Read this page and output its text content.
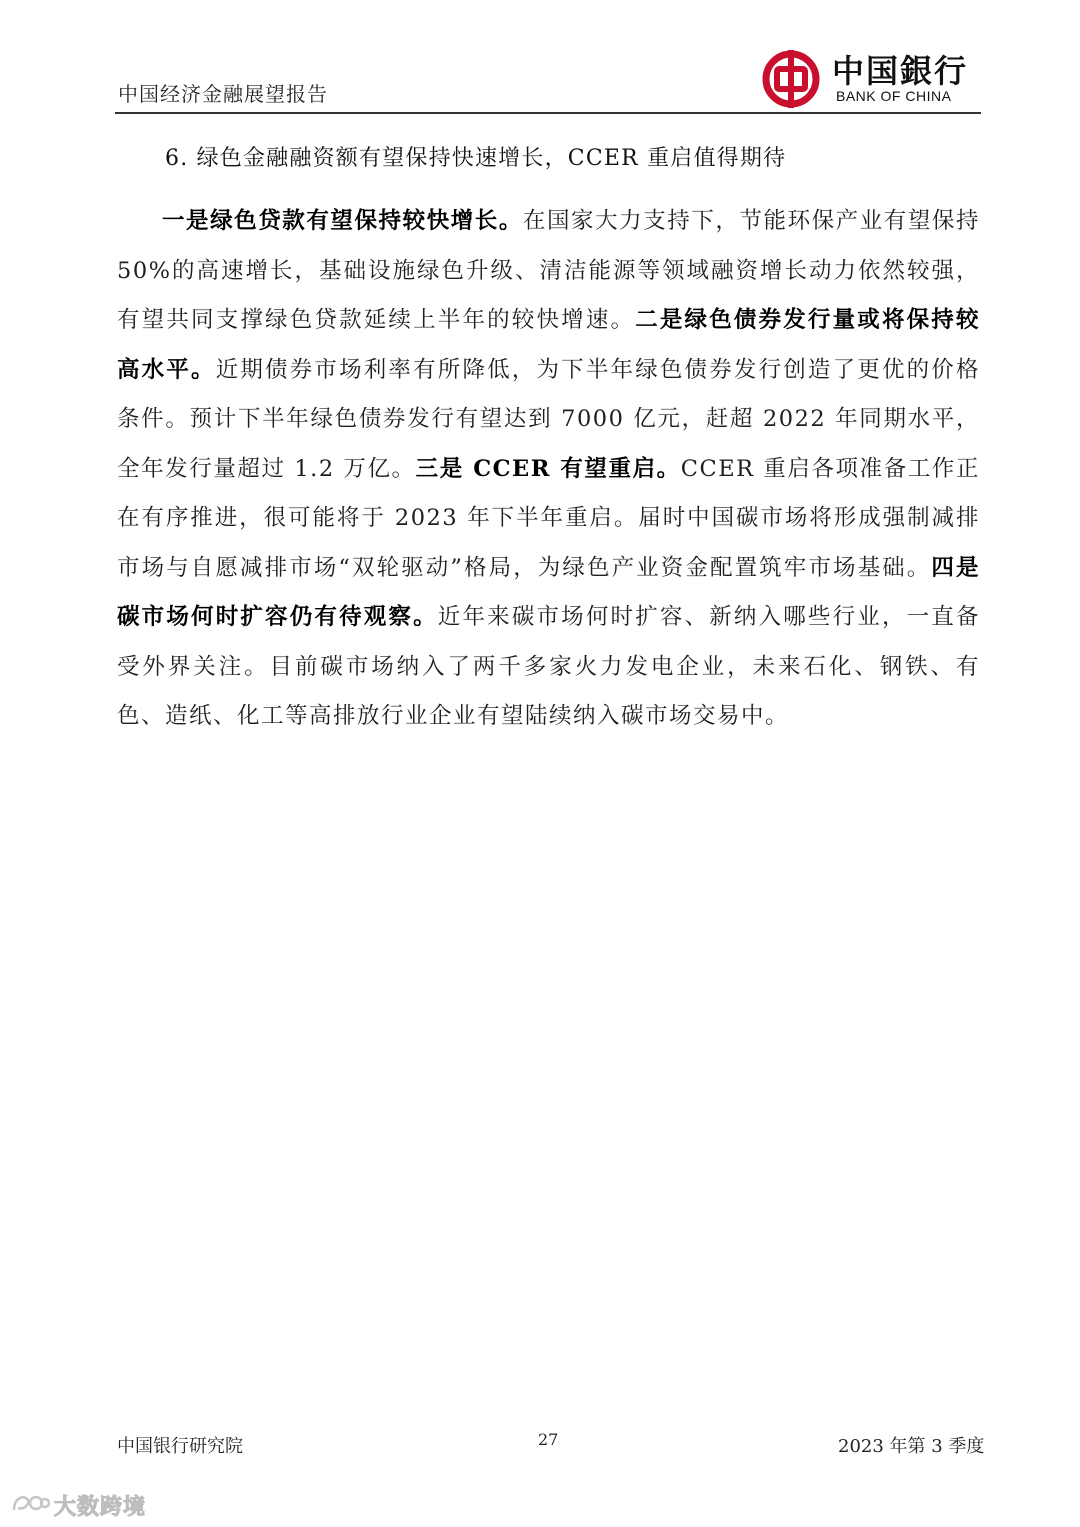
中国经济金融展望报告
中国銀行
BANK OF CHINA
6. 绿色金融融资额有望保持快速增长，CCER 重启值得期待

一是绿色贷款有望保持较快增长。在国家大力支持下，节能环保产业有望保持 50%的高速增长，基础设施绿色升级、清洁能源等领域融资增长动力依然较强，有望共同支撑绿色贷款延续上半年的较快增速。二是绿色债券发行量或将保持较高水平。近期债券市场利率有所降低，为下半年绿色债券发行创造了更优的价格条件。预计下半年绿色债券发行有望达到 7000 亿元，赶超 2022 年同期水平，全年发行量超过 1.2 万亿。三是 CCER 有望重启。CCER 重启各项准备工作正在有序推进，很可能将于 2023 年下半年重启。届时中国碳市场将形成强制减排市场与自愿减排市场“双轮驱动”格局，为绿色产业资金配置筑牢市场基础。四是碳市场何时扩容仍有待观察。近年来碳市场何时扩容、新纳入哪些行业，一直备受外界关注。目前碳市场纳入了两千多家火力发电企业，未来石化、钢铁、有色、造纸、化工等高排放行业企业有望陆续纳入碳市场交易中。

中国银行研究院	27	2023 年第 3 季度
大数跨境
